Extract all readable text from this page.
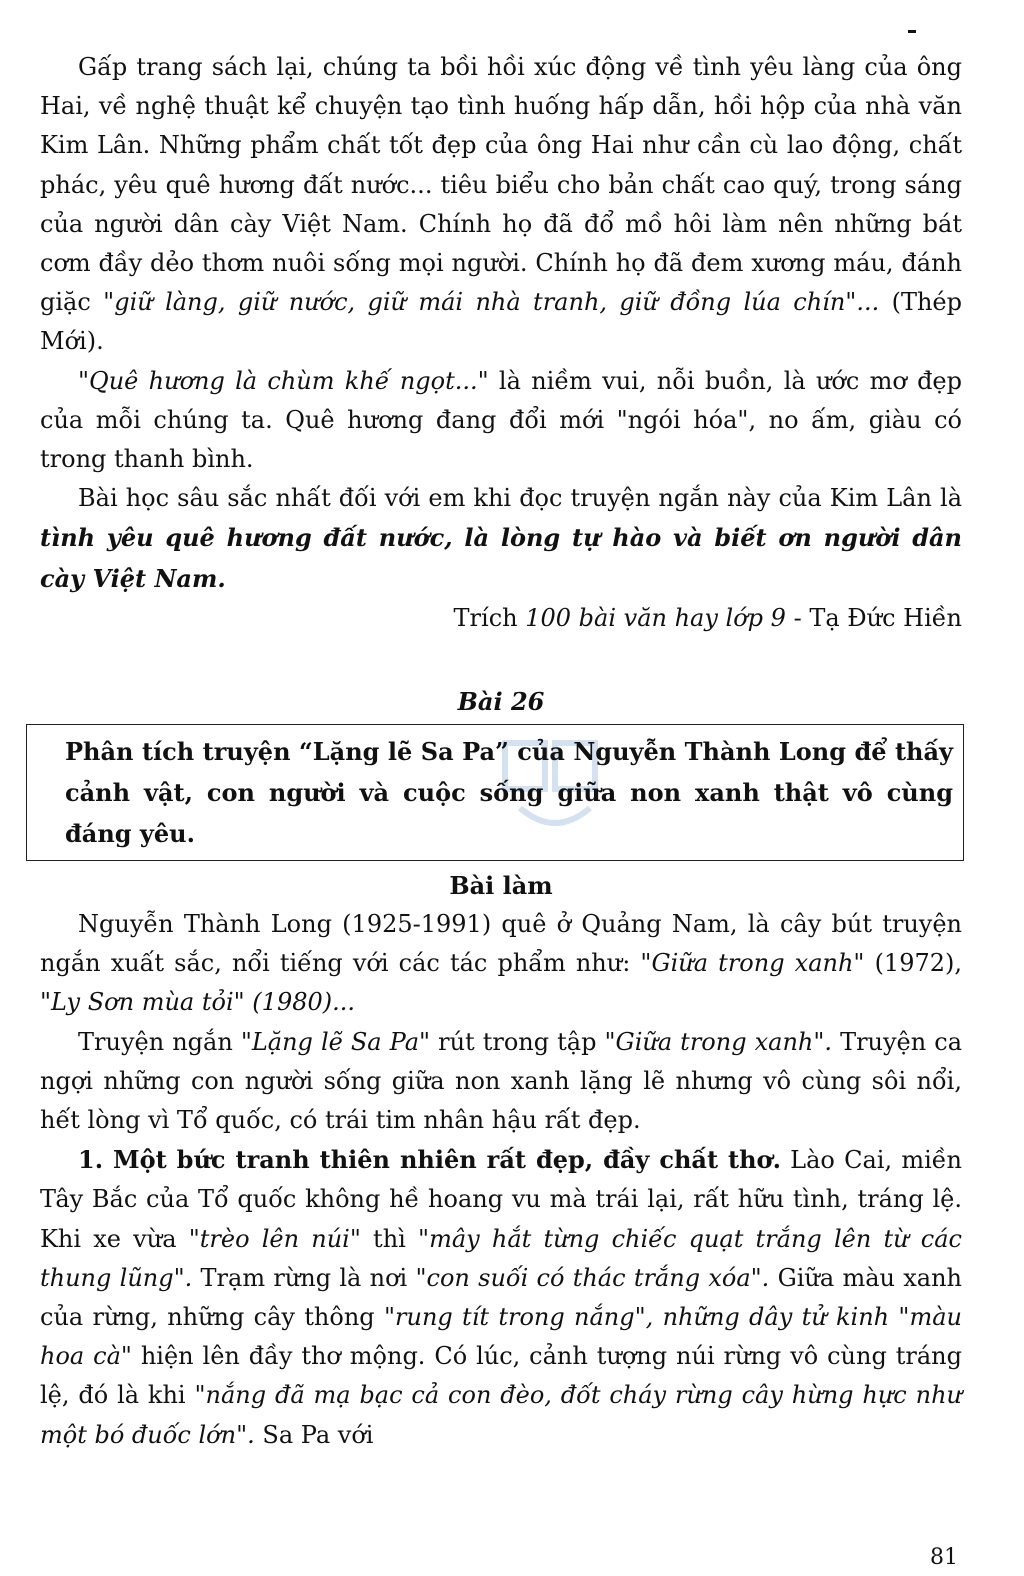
Gấp trang sách lại, chúng ta bồi hồi xúc động về tình yêu làng của ông Hai, về nghệ thuật kể chuyện tạo tình huống hấp dẫn, hồi hộp của nhà văn Kim Lân. Những phẩm chất tốt đẹp của ông Hai như cần cù lao động, chất phác, yêu quê hương đất nước... tiêu biểu cho bản chất cao quý, trong sáng của người dân cày Việt Nam. Chính họ đã đổ mồ hôi làm nên những bát cơm đầy dẻo thơm nuôi sống mọi người. Chính họ đã đem xương máu, đánh giặc "giữ làng, giữ nước, giữ mái nhà tranh, giữ đồng lúa chín"... (Thép Mới).

"Quê hương là chùm khế ngọt..." là niềm vui, nỗi buồn, là ước mơ đẹp của mỗi chúng ta. Quê hương đang đổi mới "ngói hóa", no ấm, giàu có trong thanh bình.

Bài học sâu sắc nhất đối với em khi đọc truyện ngắn này của Kim Lân là tình yêu quê hương đất nước, là lòng tự hào và biết ơn người dân cày Việt Nam.

Trích 100 bài văn hay lớp 9 - Tạ Đức Hiền
Bài 26
Phân tích truyện “Lặng lẽ Sa Pa” của Nguyễn Thành Long để thấy cảnh vật, con người và cuộc sống giữa non xanh thật vô cùng đáng yêu.
Bài làm

Nguyễn Thành Long (1925-1991) quê ở Quảng Nam, là cây bút truyện ngắn xuất sắc, nổi tiếng với các tác phẩm như: "Giữa trong xanh" (1972), "Ly Sơn mùa tỏi" (1980)...

Truyện ngắn "Lặng lẽ Sa Pa" rút trong tập "Giữa trong xanh". Truyện ca ngợi những con người sống giữa non xanh lặng lẽ nhưng vô cùng sôi nổi, hết lòng vì Tổ quốc, có trái tim nhân hậu rất đẹp.

1. Một bức tranh thiên nhiên rất đẹp, đầy chất thơ. Lào Cai, miền Tây Bắc của Tổ quốc không hề hoang vu mà trái lại, rất hữu tình, tráng lệ. Khi xe vừa "trèo lên núi" thì "mây hắt từng chiếc quạt trắng lên từ các thung lũng". Trạm rừng là nơi "con suối có thác trắng xóa". Giữa màu xanh của rừng, những cây thông "rung tít trong nắng", những dây tử kinh "màu hoa cà" hiện lên đầy thơ mộng. Có lúc, cảnh tượng núi rừng vô cùng tráng lệ, đó là khi "nắng đã mạ bạc cả con đèo, đốt cháy rừng cây hừng hực như một bó đuốc lớn". Sa Pa với

81
